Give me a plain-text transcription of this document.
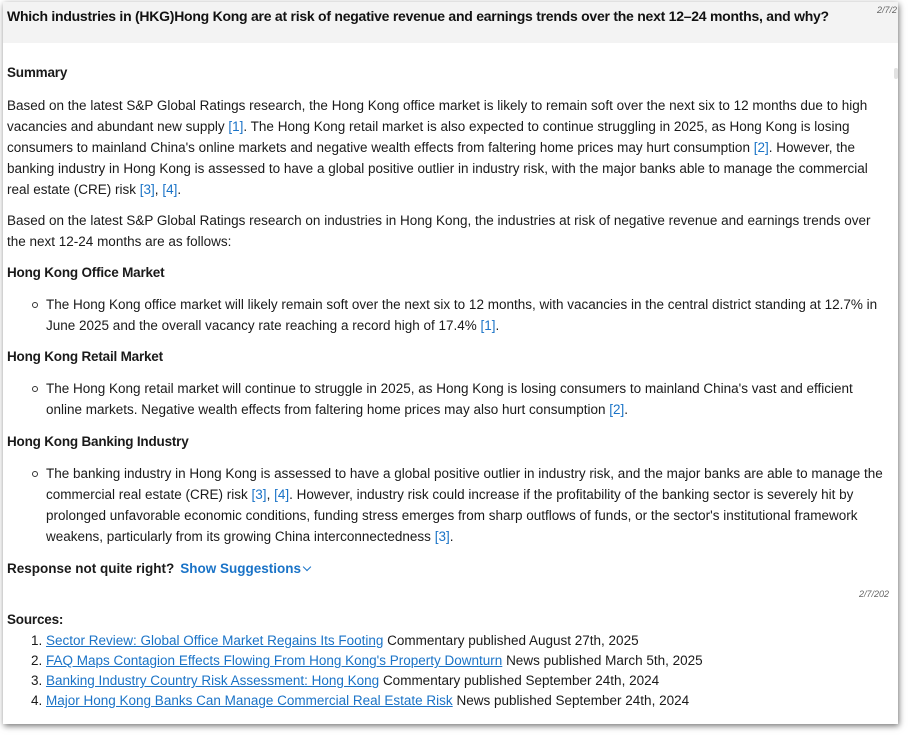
Which industries in (HKG)Hong Kong are at risk of negative revenue and earnings trends over the next 12–24 months, and why?	2/7/2

Summary

Based on the latest S&P Global Ratings research, the Hong Kong office market is likely to remain soft over the next six to 12 months due to high vacancies and abundant new supply [1]. The Hong Kong retail market is also expected to continue struggling in 2025, as Hong Kong is losing consumers to mainland China's online markets and negative wealth effects from faltering home prices may hurt consumption [2]. However, the banking industry in Hong Kong is assessed to have a global positive outlier in industry risk, with the major banks able to manage the commercial real estate (CRE) risk [3], [4].

Based on the latest S&P Global Ratings research on industries in Hong Kong, the industries at risk of negative revenue and earnings trends over the next 12-24 months are as follows:

Hong Kong Office Market

The Hong Kong office market will likely remain soft over the next six to 12 months, with vacancies in the central district standing at 12.7% in June 2025 and the overall vacancy rate reaching a record high of 17.4% [1].

Hong Kong Retail Market

The Hong Kong retail market will continue to struggle in 2025, as Hong Kong is losing consumers to mainland China's vast and efficient online markets. Negative wealth effects from faltering home prices may also hurt consumption [2].

Hong Kong Banking Industry

The banking industry in Hong Kong is assessed to have a global positive outlier in industry risk, and the major banks are able to manage the commercial real estate (CRE) risk [3], [4]. However, industry risk could increase if the profitability of the banking sector is severely hit by prolonged unfavorable economic conditions, funding stress emerges from sharp outflows of funds, or the sector's institutional framework weakens, particularly from its growing China interconnectedness [3].

Response not quite right? Show Suggestions

2/7/202

Sources:

1. Sector Review: Global Office Market Regains Its Footing Commentary published August 27th, 2025
2. FAQ Maps Contagion Effects Flowing From Hong Kong's Property Downturn News published March 5th, 2025
3. Banking Industry Country Risk Assessment: Hong Kong Commentary published September 24th, 2024
4. Major Hong Kong Banks Can Manage Commercial Real Estate Risk News published September 24th, 2024
